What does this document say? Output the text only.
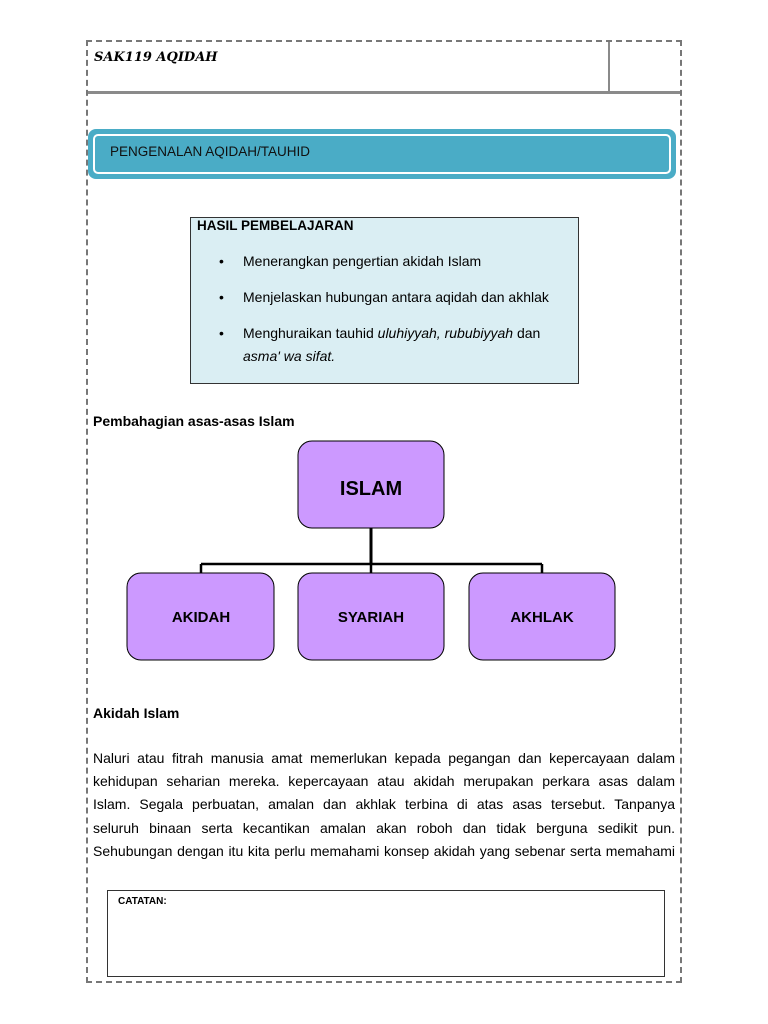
SAK119 AQIDAH
PENGENALAN AQIDAH/TAUHID
HASIL PEMBELAJARAN
• Menerangkan pengertian akidah Islam
• Menjelaskan hubungan antara aqidah dan akhlak
• Menghuraikan tauhid uluhiyyah, rububiyyah dan
asma' wa sifat.
Pembahagian asas-asas Islam
ISLAM
AKIDAH	SYARIAH	AKHLAK
Akidah Islam
Naluri atau fitrah manusia amat memerlukan kepada pegangan dan kepercayaan dalam
kehidupan seharian mereka. kepercayaan atau akidah merupakan perkara asas dalam
Islam. Segala perbuatan, amalan dan akhlak terbina di atas asas tersebut. Tanpanya
seluruh binaan serta kecantikan amalan akan roboh dan tidak berguna sedikit pun.
Sehubungan dengan itu kita perlu memahami konsep akidah yang sebenar serta memahami
CATATAN:
